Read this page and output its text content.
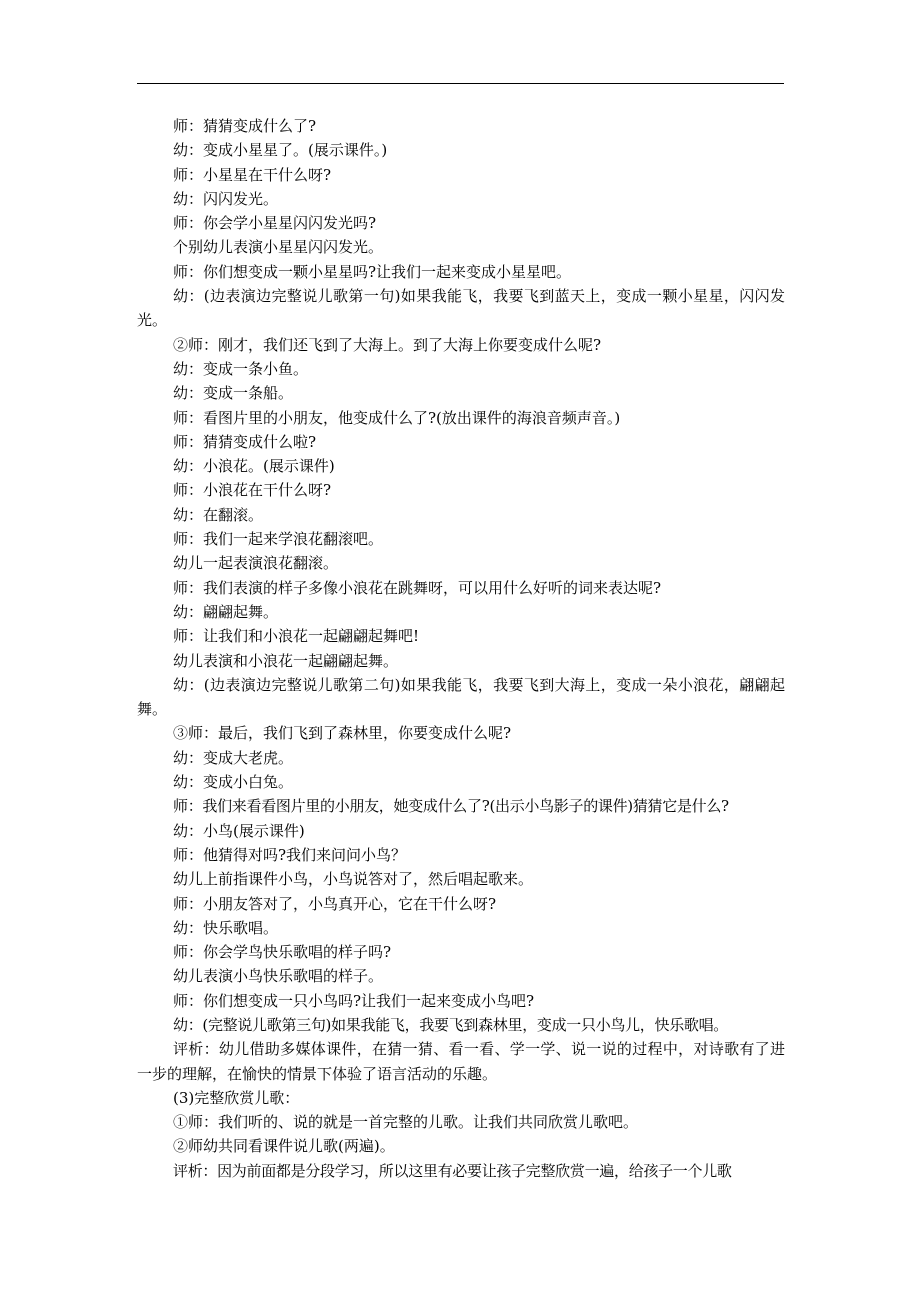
师：猜猜变成什么了?

幼：变成小星星了。(展示课件。)

师：小星星在干什么呀?

幼：闪闪发光。

师：你会学小星星闪闪发光吗?

个别幼儿表演小星星闪闪发光。

师：你们想变成一颗小星星吗?让我们一起来变成小星星吧。

幼：(边表演边完整说儿歌第一句)如果我能飞，我要飞到蓝天上，变成一颗小星星，闪闪发光。

②师：刚才，我们还飞到了大海上。到了大海上你要变成什么呢?

幼：变成一条小鱼。

幼：变成一条船。

师：看图片里的小朋友，他变成什么了?(放出课件的海浪音频声音。)

师：猜猜变成什么啦?

幼：小浪花。(展示课件)

师：小浪花在干什么呀?

幼：在翻滚。

师：我们一起来学浪花翻滚吧。

幼儿一起表演浪花翻滚。

师：我们表演的样子多像小浪花在跳舞呀，可以用什么好听的词来表达呢?

幼：翩翩起舞。

师：让我们和小浪花一起翩翩起舞吧!

幼儿表演和小浪花一起翩翩起舞。

幼：(边表演边完整说儿歌第二句)如果我能飞，我要飞到大海上，变成一朵小浪花，翩翩起舞。

③师：最后，我们飞到了森林里，你要变成什么呢?

幼：变成大老虎。

幼：变成小白兔。

师：我们来看看图片里的小朋友，她变成什么了?(出示小鸟影子的课件)猜猜它是什么?

幼：小鸟(展示课件)

师：他猜得对吗?我们来问问小鸟？

幼儿上前指课件小鸟，小鸟说答对了，然后唱起歌来。

师：小朋友答对了，小鸟真开心，它在干什么呀?

幼：快乐歌唱。

师：你会学鸟快乐歌唱的样子吗?

幼儿表演小鸟快乐歌唱的样子。

师：你们想变成一只小鸟吗?让我们一起来变成小鸟吧?

幼：(完整说儿歌第三句)如果我能飞，我要飞到森林里，变成一只小鸟儿，快乐歌唱。

评析：幼儿借助多媒体课件，在猜一猜、看一看、学一学、说一说的过程中，对诗歌有了进一步的理解，在愉快的情景下体验了语言活动的乐趣。

(3)完整欣赏儿歌：

①师：我们听的、说的就是一首完整的儿歌。让我们共同欣赏儿歌吧。

②师幼共同看课件说儿歌(两遍)。

评析：因为前面都是分段学习，所以这里有必要让孩子完整欣赏一遍，给孩子一个儿歌
